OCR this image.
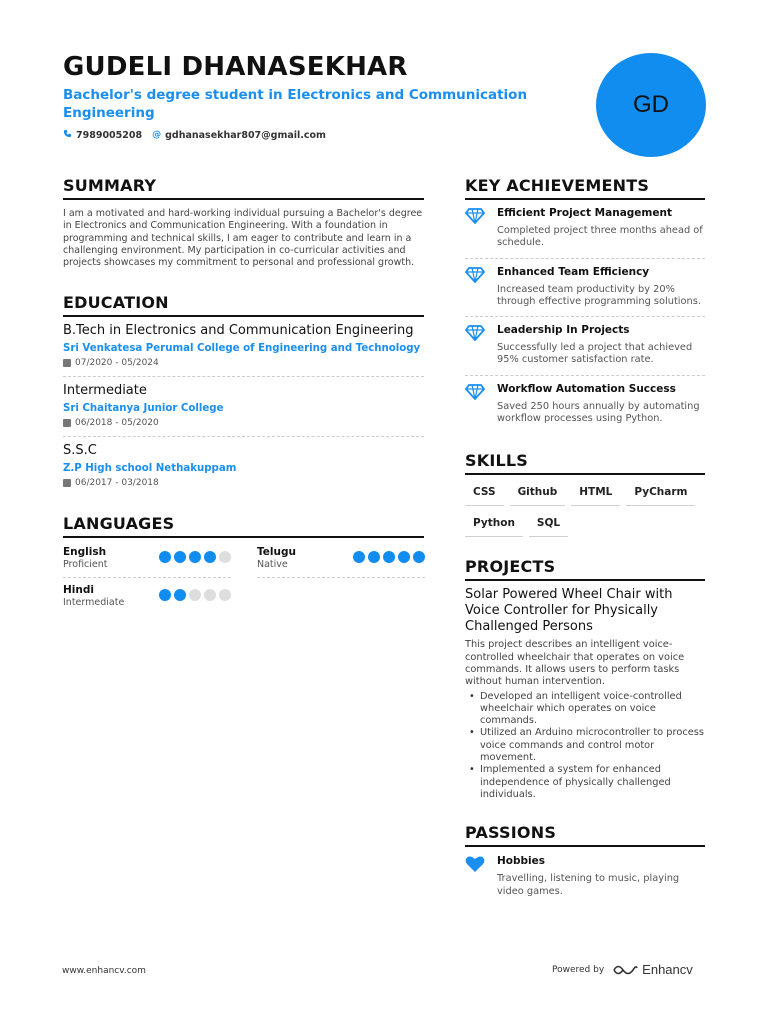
GUDELI DHANASEKHAR
Bachelor's degree student in Electronics and Communication Engineering
7989005208 @ gdhanasekhar807@gmail.com
GD
SUMMARY
I am a motivated and hard-working individual pursuing a Bachelor's degree in Electronics and Communication Engineering. With a foundation in programming and technical skills, I am eager to contribute and learn in a challenging environment. My participation in co-curricular activities and projects showcases my commitment to personal and professional growth.
EDUCATION
B.Tech in Electronics and Communication Engineering
Sri Venkatesa Perumal College of Engineering and Technology
07/2020 - 05/2024
Intermediate
Sri Chaitanya Junior College
06/2018 - 05/2020
S.S.C
Z.P High school Nethakuppam
06/2017 - 03/2018
LANGUAGES
English
Proficient
Telugu
Native
Hindi
Intermediate
KEY ACHIEVEMENTS
Efficient Project Management
Completed project three months ahead of schedule.
Enhanced Team Efficiency
Increased team productivity by 20% through effective programming solutions.
Leadership In Projects
Successfully led a project that achieved 95% customer satisfaction rate.
Workflow Automation Success
Saved 250 hours annually by automating workflow processes using Python.
SKILLS
CSS	Github	HTML	PyCharm
Python	SQL
PROJECTS
Solar Powered Wheel Chair with Voice Controller for Physically Challenged Persons
This project describes an intelligent voice-controlled wheelchair that operates on voice commands. It allows users to perform tasks without human intervention.
• Developed an intelligent voice-controlled wheelchair which operates on voice commands.
• Utilized an Arduino microcontroller to process voice commands and control motor movement.
• Implemented a system for enhanced independence of physically challenged individuals.
PASSIONS
Hobbies
Travelling, listening to music, playing video games.
www.enhancv.com	Powered by	Enhancv
